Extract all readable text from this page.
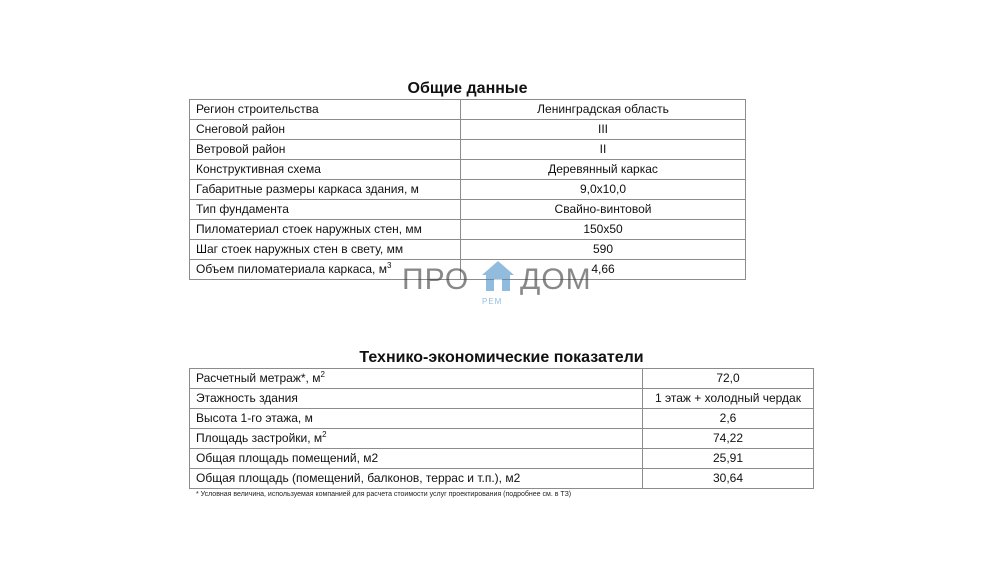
Общие данные
Регион строительства	Ленинградская область
Снеговой район	III
Ветровой район	II
Конструктивная схема	Деревянный каркас
Габаритные размеры каркаса здания, м	9,0х10,0
Тип фундамента	Свайно-винтовой
Пиломатериал стоек наружных стен, мм	150х50
Шаг стоек наружных стен в свету, мм	590
Объем пиломатериала каркаса, $м^3$	4,66
ПРО
РЕМ
ДОМ
Технико-экономические показатели
Расчетный метраж*, $м^2$	72,0
Этажность здания	1 этаж + холодный чердак
Высота 1-го этажа, м	2,6
Площадь застройки, $м^2$	74,22
Общая площадь помещений, м2	25,91
Общая площадь (помещений, балконов, террас и т.п.), м2	30,64
* Условная величина, используемая компанией для расчета стоимости услуг проектирования (подробнее см. в ТЗ)
